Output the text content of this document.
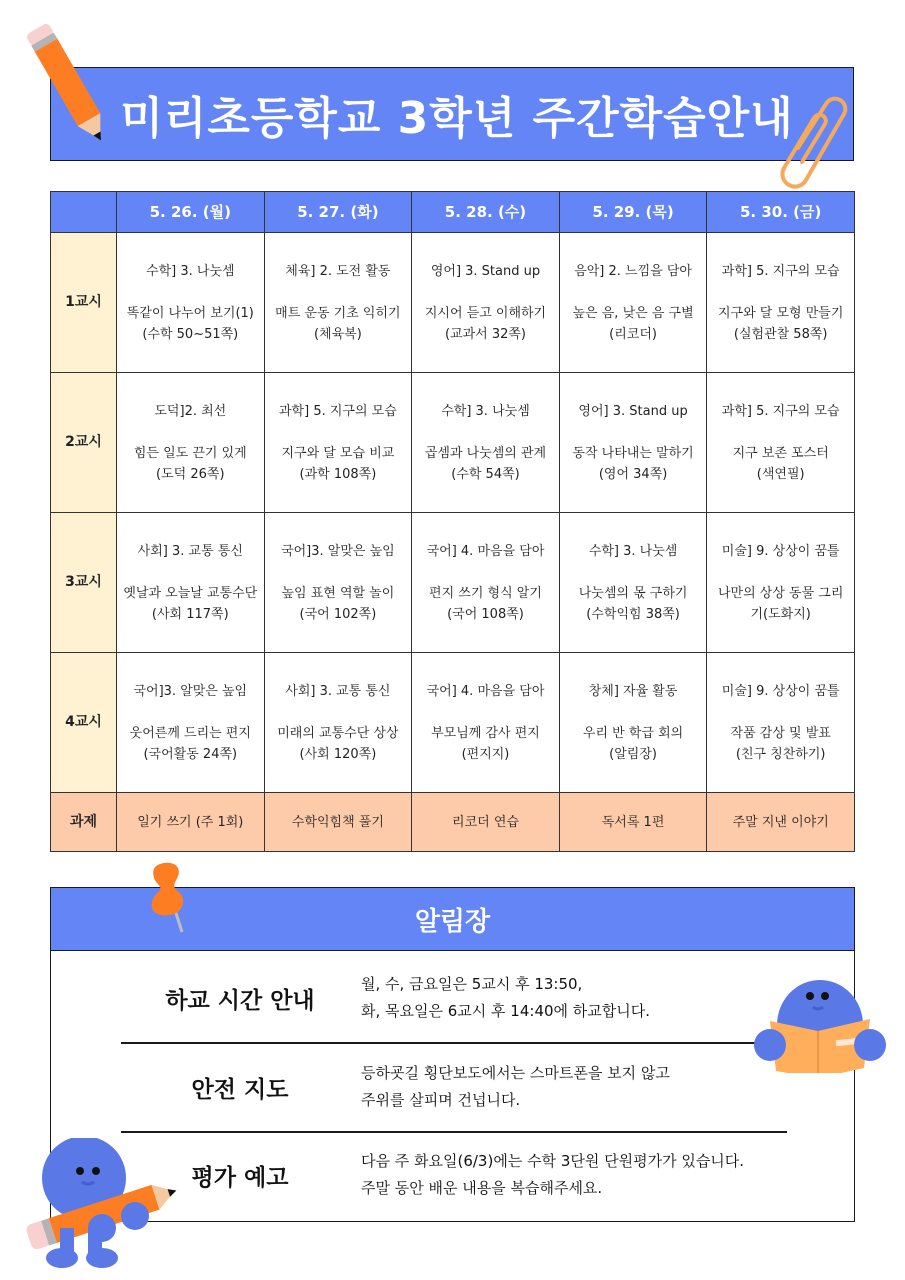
미리초등학교 3학년 주간학습안내
	5. 26. (월)	5. 27. (화)	5. 28. (수)	5. 29. (목)	5. 30. (금)
1교시	수학] 3. 나눗셈
똑같이 나누어 보기(1)
(수학 50~51쪽)	체육] 2. 도전 활동
매트 운동 기초 익히기
(체육복)	영어] 3. Stand up
지시어 듣고 이해하기
(교과서 32쪽)	음악] 2. 느낌을 담아
높은 음, 낮은 음 구별
(리코더)	과학] 5. 지구의 모습
지구와 달 모형 만들기
(실험관찰 58쪽)

2교시	도덕]2. 최선
힘든 일도 끈기 있게
(도덕 26쪽)	과학] 5. 지구의 모습
지구와 달 모습 비교
(과학 108쪽)	수학] 3. 나눗셈
곱셈과 나눗셈의 관계
(수학 54쪽)	영어] 3. Stand up
동작 나타내는 말하기
(영어 34쪽)	과학] 5. 지구의 모습
지구 보존 포스터
(색연필)

3교시	사회] 3. 교통 통신
옛날과 오늘날 교통수단
(사회 117쪽)	국어]3. 알맞은 높임
높임 표현 역할 놀이
(국어 102쪽)	국어] 4. 마음을 담아
편지 쓰기 형식 알기
(국어 108쪽)	수학] 3. 나눗셈
나눗셈의 몫 구하기
(수학익힘 38쪽)	미술] 9. 상상이 꿈틀
나만의 상상 동물 그리
기(도화지)

4교시	국어]3. 알맞은 높임
웃어른께 드리는 편지
(국어활동 24쪽)	사회] 3. 교통 통신
미래의 교통수단 상상
(사회 120쪽)	국어] 4. 마음을 담아
부모님께 감사 편지
(편지지)	창체] 자율 활동
우리 반 학급 회의
(알림장)	미술] 9. 상상이 꿈틀
작품 감상 및 발표
(친구 칭찬하기)

과제	일기 쓰기 (주 1회)	수학익힘책 풀기	리코더 연습	독서록 1편	주말 지낸 이야기
알림장
하교 시간 안내
월, 수, 금요일은 5교시 후 13:50,
화, 목요일은 6교시 후 14:40에 하교합니다.
안전 지도
등하굣길 횡단보도에서는 스마트폰을 보지 않고
주위를 살피며 건넙니다.
평가 예고
다음 주 화요일(6/3)에는 수학 3단원 단원평가가 있습니다.
주말 동안 배운 내용을 복습해주세요.
